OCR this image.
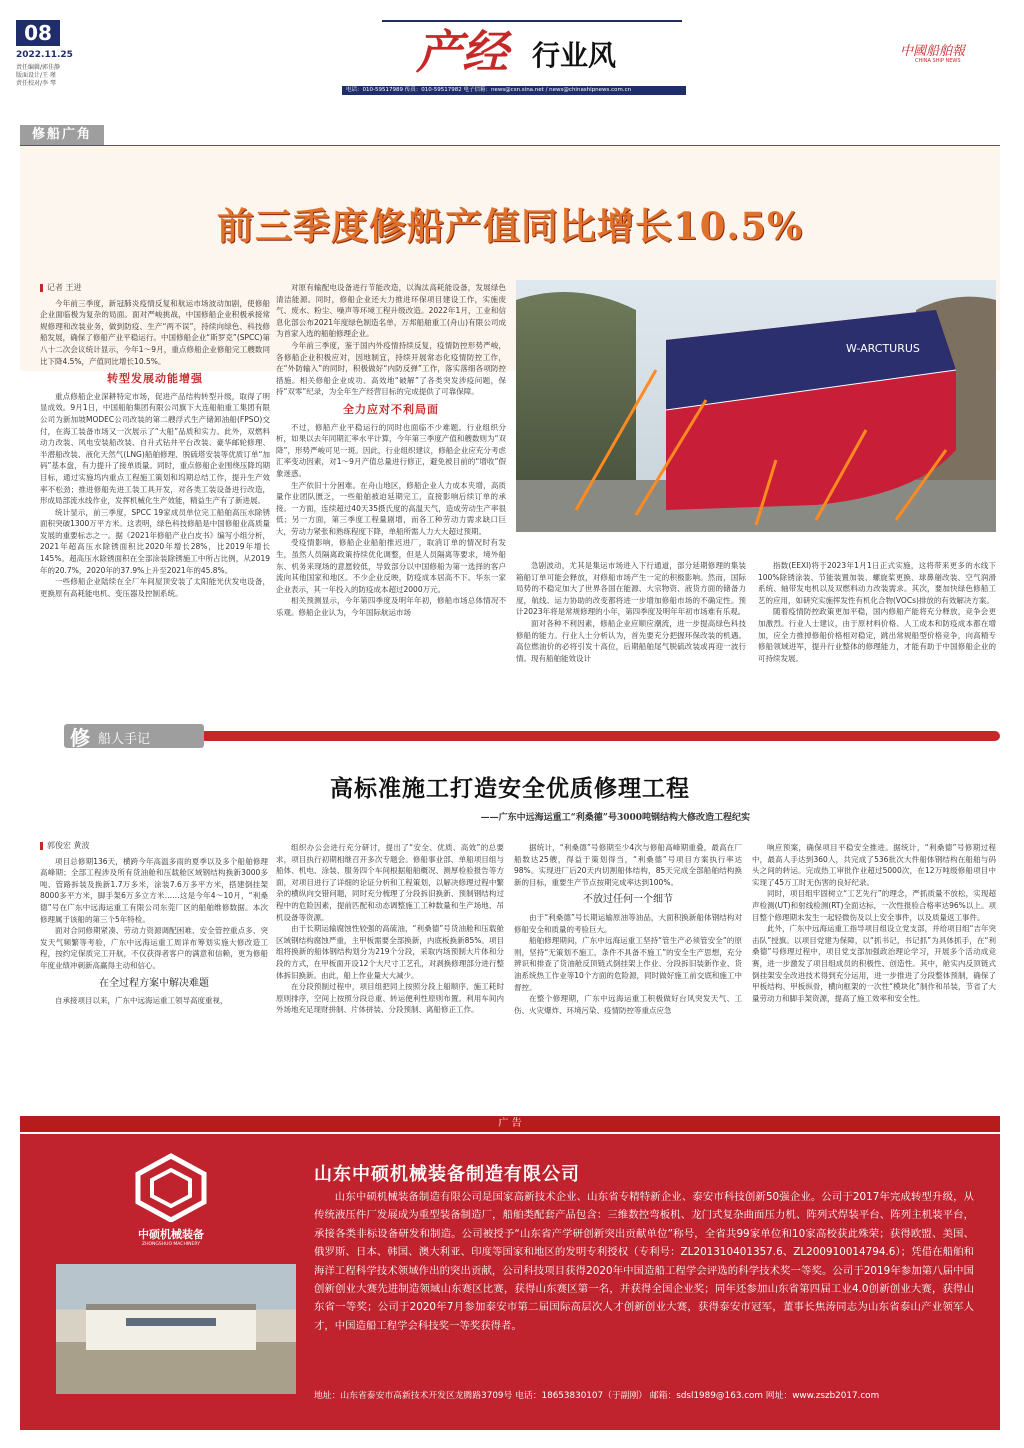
08
2022.11.25
责任编辑/郭佳静
版面设计/王 瑾
责任校对/李 琴
产经 行业风
电话：010-59517989 传真：010-59517982 电子信箱：news@csn.sina.net / news@chinashipnews.com.cn
中國船舶報
CHINA SHIP NEWS
修船广角
前三季度修船产值同比增长10.5%
记者 王进

今年前三季度，新冠肺炎疫情反复和航运市场波动加剧，使修船企业面临极为复杂的局面。面对严峻挑战，中国修船企业积极承接常规修理和改装业务，做到防疫、生产“两不误”，持续向绿色、科技修船发展，确保了修船产业平稳运行。中国修船企业“斯罗克”(SPCC)第八十二次会议统计显示，今年1～9月，重点修船企业修船完工艘数同比下降4.5%，产值同比增长10.5%。

转型发展动能增强

重点修船企业深耕特定市场，促进产品结构转型升级，取得了明显成效。9月1日，中国船舶集团有限公司旗下大连船舶重工集团有限公司为新加坡MODEC公司改装的第二艘浮式生产储卸油船(FPSO)交付，在海工装备市场又一次展示了“大船”品质和实力。此外，双燃料动力改装、风电安装船改装、自升式钻井平台改装、豪华邮轮修理、半潜船改装、液化天然气(LNG)船舶修理、脱硫塔安装等优质订单“加码”基本盘，有力提升了接单质量。同时，重点修船企业围绕压降坞期目标，通过实施坞内重点工程施工策划和坞期总结工作，提升生产效率不松劲；推进修船先进工装工具开发，对各类工装设备进行改造，形成局部流水线作业，发挥机械化生产效能，精益生产有了新进展。

统计显示，前三季度，SPCC 19家成员单位完工船舶高压水除锈面积突破1300万平方米。这表明，绿色科技修船是中国修船业高质量发展的重要标志之一。据《2021年修船产业白皮书》编写小组分析，2021年超高压水除锈面积比2020年增长28%，比2019年增长145%。超高压水除锈面积在全部涂装除锈施工中所占比例，从2019年的20.7%，2020年的37.9%上升至2021年的45.8%。

一些修船企业陆续在全厂车间屋顶安装了太阳能光伏发电设备，更换原有高耗能电机、变压器及控制系统。

对原有输配电设备进行节能改造，以淘汰高耗能设备，发展绿色清洁能源。同时，修船企业还大力推进环保项目建设工作，实施废气、废水、粉尘、噪声等环境工程升级改造。2022年1月，工业和信息化部公布2021年度绿色制造名单，万邦船舶重工(舟山)有限公司成为首家入选的船舶修理企业。

今年前三季度，鉴于国内外疫情持续反复，疫情防控形势严峻，各修船企业积极应对，因地制宜，持续开展常态化疫情防控工作，在“外防输入”的同时，积极做好“内防反弹”工作，落实落细各项防控措施。相关修船企业成功、高效地“破解”了各类突发涉疫问题，保持“双零”纪录，为全年生产经营目标的完成提供了可靠保障。

全力应对不利局面

不过，修船产业平稳运行的同时也面临不少难题。行业组织分析，如果以去年同期汇率水平计算，今年第三季度产值和艘数则为“双降”，形势严峻可见一斑。因此，行业组织建议，修船企业应充分考虑汇率变动因素，对1～9月产值总量进行修正，避免被目前的“增收”假象迷惑。

生产依旧十分困难。在舟山地区，修船企业人力成本夹增，高质量作业团队匮乏，一些船舶被迫延期完工，直接影响后续订单的承接。一方面，连续超过40天35摄氏度的高温天气，造成劳动生产率很低；另一方面，第三季度工程量剧增，而各工种劳动力需求缺口巨大，劳动力紧张和熟练程度下降，单船所需人力大大超过预期。

受疫情影响，修船企业船舶推迟进厂，取消订单的情况时有发生，虽然人员隔离政策持续优化调整，但是人员隔离等要求，境外船东、机务来现场的意愿较低，导致部分以中国修船为第一选择的客户流向其他国家和地区。不少企业反映，防疫成本居高不下。华东一家企业表示，其一年投入的防疫成本超过2000万元。

相关预测显示，今年第四季度及明年年初，修船市场总体情况不乐观。修船企业认为，今年国际航运市场

W-ARCTURUS

急剧波动，尤其是集运市场进入下行通道，部分延期修理的集装箱船订单可能会释放，对修船市场产生一定的积极影响。然而，国际局势的不稳定加大了世界各国在能源、大宗物资、液货方面的储备力度，航线、运力协助的改变都将进一步增加修船市场的不确定性。预计2023年将是常规修理的小年，第四季度及明年年初市场难有乐观。

面对各种不利因素，修船企业应顺应潮流，进一步提高绿色科技修船的能力。行业人士分析认为，首先要充分把握环保改装的机遇。高位燃油价的必将引发十高位，后期船舶尾气脱硫改装或再迎一波行情。现有船舶能效设计

指数(EEXI)将于2023年1月1日正式实施，这将带来更多的水线下100%除锈涂装、节能装置加装、螺旋桨更换、球鼻艏改装、空气润滑系统、轴带发电机以及双燃料动力改装需求。其次，要加快绿色修船工艺的应用，如研究实施挥发性有机化合物(VOCs)排放的有效解决方案。

随着疫情防控政策更加平稳，国内修船产能将充分释放，竞争会更加激烈。行业人士建议，由于原材料价格、人工成本和防疫成本都在增加，应全力推掉修船价格相对稳定，跳出常规船型价格竞争，向高精专修船领域进军，提升行业整体的修理能力，才能有助于中国修船企业的可持续发展。

修 船人手记
高标准施工打造安全优质修理工程
——广东中远海运重工“利桑德”号3000吨钢结构大修改造工程纪实
郭俊宏 黄波

项目总修期136天，横跨今年高温多雨的夏季以及多个船舶修理高峰期；全部工程涉及所有货油舱和压载舱区域钢结构换新3000多吨、管路拆装及换新1.7万多米，涂装7.6万多平方米，搭建倒挂架8000多平方米，脚手架6万多立方米……这是今年4～10月，“利桑德”号在广东中远海运重工有限公司东莞厂区的船舶维修数据。本次修理属于该船的第三个5年特检。

面对合同修期紧凑、劳动力资源调配困难、安全管控重点多、突发天气频繁等考验，广东中远海运重工周详布筹划实施大修改造工程，按约定保质完工开航，不仅获得者客户的满意和信赖，更为修船年度业绩冲刺新高赢得主动和信心。

在全过程方案中解决难题

自承接项目以来，广东中远海运重工领导高度重视，

组织办公会进行充分研讨，提出了“安全、优质、高效”的总要求，项目执行初期相继召开多次专题会。修船事业部、单船项目组与船体、机电、涂装、服务四个车间根据船舶概况、测厚检验报告等方面，对项目进行了详细的论证分析和工程策划，以解决修理过程中繁杂的横纵向交错问题，同时充分梳理了分段拆旧换新、预制钢结构过程中的危险因素，提前匹配和动态调整施工工种数量和生产场地、吊机设备等资源。

由于长期运输腐蚀性较强的高硫油，“利桑德”号货油舱和压载舱区域钢结构腐蚀严重，主甲板需要全部换新，内底板换新85%。项目组将换新的船体钢结构划分为219个分段，采取内场预制大片体和分段的方式，在甲板面开设12个大尺寸工艺孔，对剥换修理部分进行整体拆旧换新。由此，船上作业量大大减少。

在分段预制过程中，项目组把同上按照分段上船顺序、施工耗时原则排序，空间上按照分段总重、转运便利性原则布置。利用车间内外场地充足现财拼制、片体拼装、分段预制、离船修正工作。

据统计，“利桑德”号修期至少4次与修船高峰期重叠，最高在厂船数达25艘，得益于策划得当，“利桑德”号项目方案执行率达98%。实现进厂后20天内切割船体结构，85天完成全部船舶结构换新的目标，重要生产节点按期完成率达到100%。

不放过任何一个细节

由于“利桑德”号长期运输原油等油品，大面积换新船体钢结构对修船安全和质量的考验巨大。

船舶修理期间，广东中远海运重工坚持“管生产必须管安全”的原则，坚持“无策划不施工，条件不具备不施工”的安全生产思想，充分辨识和排查了货油舱反顶链式倒挂架上作业、分段拆旧装新作业、货油系统热工作业等10个方面的危险源，同时做好施工前交底和施工中督控。

在整个修理期，广东中远海运重工积极做好台风突发天气、工伤、火灾爆炸、环境污染、疫情防控等重点应急

响应预案，确保项目平稳安全推进。据统计，“利桑德”号修期过程中，最高人手达到360人，共完成了536批次大件船体钢结构在船舶与码头之间的转运。完成热工审批作业超过5000次，在12万吨级修船项目中实现了45万工时无伤害的良好纪录。

同时，项目组牢固树立“工艺先行”的理念，严抓质量不放松，实现超声检测(UT)和射线检测(RT)全面达标，一次性报验合格率达96%以上。项目整个修理期未发生一起轻微伤及以上安全事件，以及质量返工事件。

此外，广东中远海运重工指导项目组设立党支部，并给项目组“吉年突击队”授旗。以项目党建为保障，以“抓书记，书记抓”为具体抓手，在“利桑德”号修理过程中，项目党支部加强政治理论学习，开展多个活动成竞赛，进一步激发了项目组成员的积极性、创造性。其中，舱实内反顶链式倒挂架安全改进技术得到充分运用，进一步推进了分段整体预制，确保了甲板结构、甲板纵骨，横向框架的一次性“模块化”制作和吊装，节省了大量劳动力和脚手架资源，提高了施工效率和安全性。

广 告
中硕机械装备
ZHONGSHUO MACHINERY
山东中硕机械装备制造有限公司
山东中硕机械装备制造有限公司是国家高新技术企业、山东省专精特新企业、泰安市科技创新50强企业。公司于2017年完成转型升级，从传统液压件厂发展成为重型装备制造厂，船舶类配套产品包含：三维数控弯板机、龙门式复杂曲面压力机、阵列式焊装平台、阵列主机装平台，承接各类非标设备研发和制造。公司被授予“山东省产学研创新突出贡献单位”称号，全省共99家单位和10家高校获此殊荣；获得欧盟、美国、俄罗斯、日本、韩国、澳大利亚、印度等国家和地区的发明专利授权（专利号：ZL201310401357.6、ZL200910014794.6）；凭借在船舶和海洋工程科学技术领域作出的突出贡献，公司科技项目获得2020年中国造船工程学会评选的科学技术奖一等奖。公司于2019年参加第八届中国创新创业大赛先进制造领域山东赛区比赛，获得山东赛区第一名，并获得全国企业奖；同年还参加山东省第四届工业4.0创新创业大赛，获得山东省一等奖；公司于2020年7月参加泰安市第二届国际高层次人才创新创业大赛，获得泰安市冠军，董事长焦涛同志为山东省泰山产业领军人才，中国造船工程学会科技奖一等奖获得者。
地址：山东省泰安市高新技术开发区龙腾路3709号 电话：18653830107（于副刚） 邮箱：sdsl1989@163.com 网址：www.zszb2017.com
